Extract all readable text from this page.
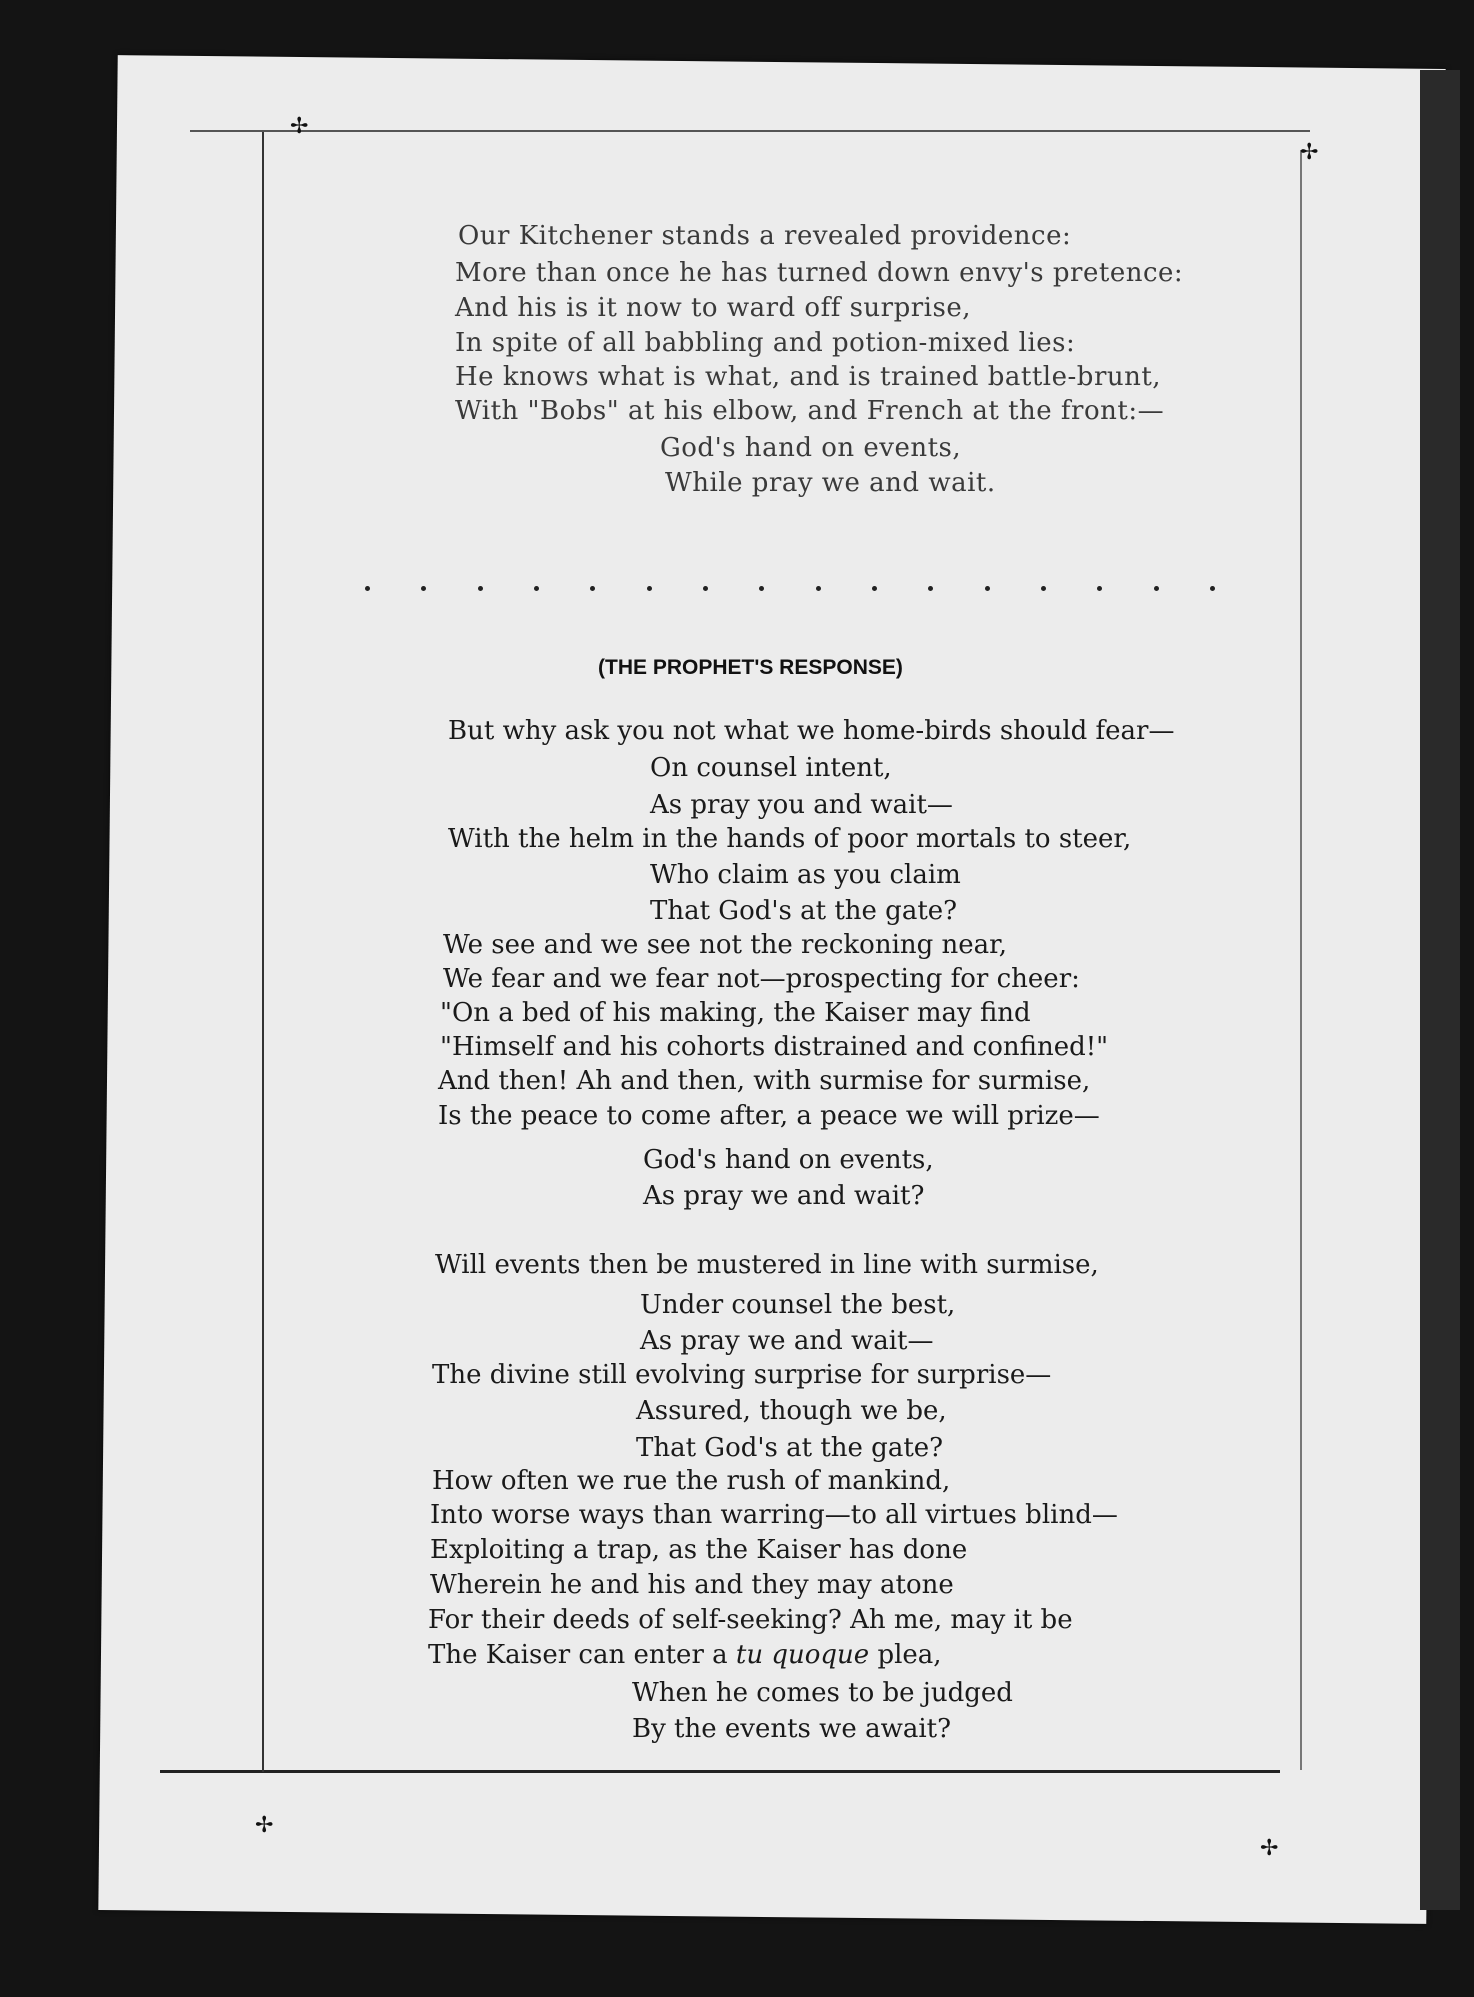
✢
✢
✢
✢
Our Kitchener stands a revealed providence:
More than once he has turned down envy's pretence:
And his is it now to ward off surprise,
In spite of all babbling and potion-mixed lies:
He knows what is what, and is trained battle-brunt,
With "Bobs" at his elbow, and French at the front:—
God's hand on events,
While pray we and wait.
(THE PROPHET'S RESPONSE)
But why ask you not what we home-birds should fear—
On counsel intent,
As pray you and wait—
With the helm in the hands of poor mortals to steer,
Who claim as you claim
That God's at the gate?
We see and we see not the reckoning near,
We fear and we fear not—prospecting for cheer:
"On a bed of his making, the Kaiser may find
"Himself and his cohorts distrained and confined!"
And then! Ah and then, with surmise for surmise,
Is the peace to come after, a peace we will prize—
God's hand on events,
As pray we and wait?
Will events then be mustered in line with surmise,
Under counsel the best,
As pray we and wait—
The divine still evolving surprise for surprise—
Assured, though we be,
That God's at the gate?
How often we rue the rush of mankind,
Into worse ways than warring—to all virtues blind—
Exploiting a trap, as the Kaiser has done
Wherein he and his and they may atone
For their deeds of self-seeking? Ah me, may it be
The Kaiser can enter a tu quoque plea,
When he comes to be judged
By the events we await?
